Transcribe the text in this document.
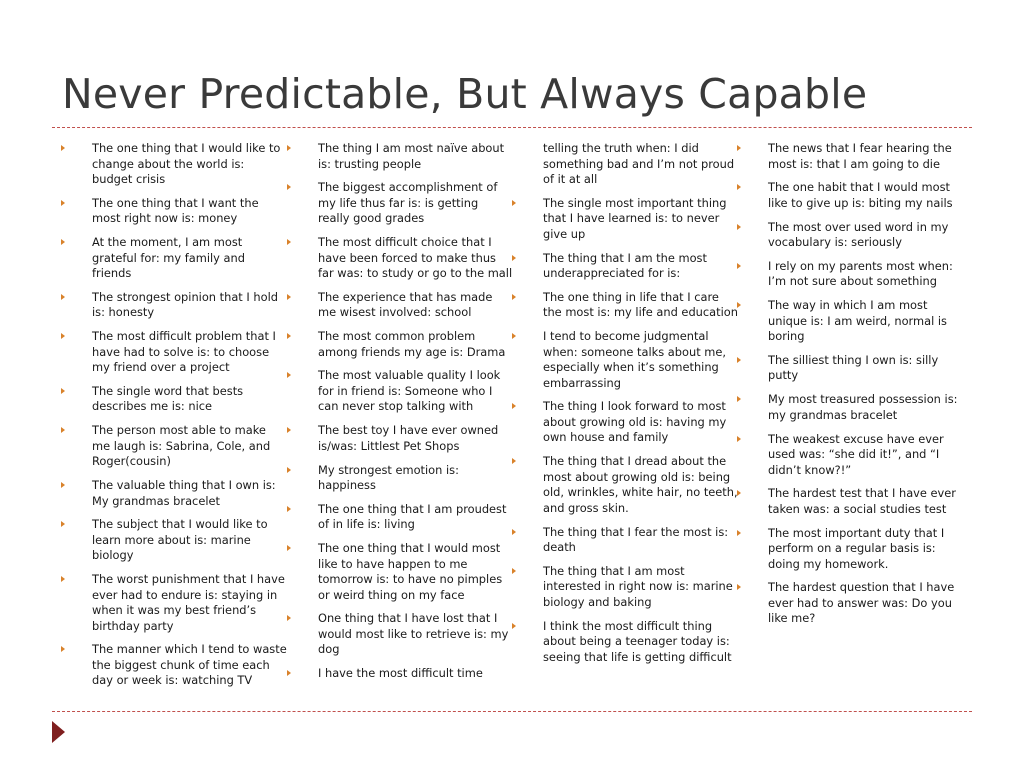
Never Predictable, But Always Capable
The one thing that I would like to change about the world is: budget crisis
The one thing that I want the most right now is: money
At the moment, I am most grateful for: my family and friends
The strongest opinion that I hold is: honesty
The most difficult problem that I have had to solve is: to choose my friend over a project
The single word that bests describes me is: nice
The person most able to make me laugh is: Sabrina, Cole, and Roger(cousin)
The valuable thing that I own is: My grandmas bracelet
The subject that I would like to learn more about is: marine biology
The worst punishment that I have ever had to endure is: staying in when it was my best friend’s birthday party
The manner which I tend to waste the biggest chunk of time each day or week is: watching TV
The thing I am most naïve about is: trusting people
The biggest accomplishment of my life thus far is: is getting really good grades
The most difficult choice that I have been forced to make thus far was: to study or go to the mall
The experience that has made me wisest involved: school
The most common problem among friends my age is: Drama
The most valuable quality I look for in friend is: Someone who I can never stop talking with
The best toy I have ever owned is/was: Littlest Pet Shops
My strongest emotion is: happiness
The one thing that I am proudest of in life is: living
The one thing that I would most like to have happen to me tomorrow is: to have no pimples or weird thing on my face
One thing that I have lost that I would most like to retrieve is: my dog
I have the most difficult time
telling the truth when: I did something bad and I’m not proud of it at all
The single most important thing that I have learned is: to never give up
The thing that I am the most underappreciated for is:
The one thing in life that I care the most is: my life and education
I tend to become judgmental when: someone talks about me, especially when it’s something embarrassing
The thing I look forward to most about growing old is: having my own house and family
The thing that I dread about the most about growing old is: being old, wrinkles, white hair, no teeth, and gross skin.
The thing that I fear the most is: death
The thing that I am most interested in right now is: marine biology and baking
I think the most difficult thing about being a teenager today is: seeing that life is getting difficult
The news that I fear hearing the most is: that I am going to die
The one habit that I would most like to give up is: biting my nails
The most over used word in my vocabulary is: seriously
I rely on my parents most when: I’m not sure about something
The way in which I am most unique is: I am weird, normal is boring
The silliest thing I own is: silly putty
My most treasured possession is: my grandmas bracelet
The weakest excuse have ever used was: “she did it!”, and “I didn’t know?!”
The hardest test that I have ever taken was: a social studies test
The most important duty that I perform on a regular basis is: doing my homework.
The hardest question that I have ever had to answer was: Do you like me?
